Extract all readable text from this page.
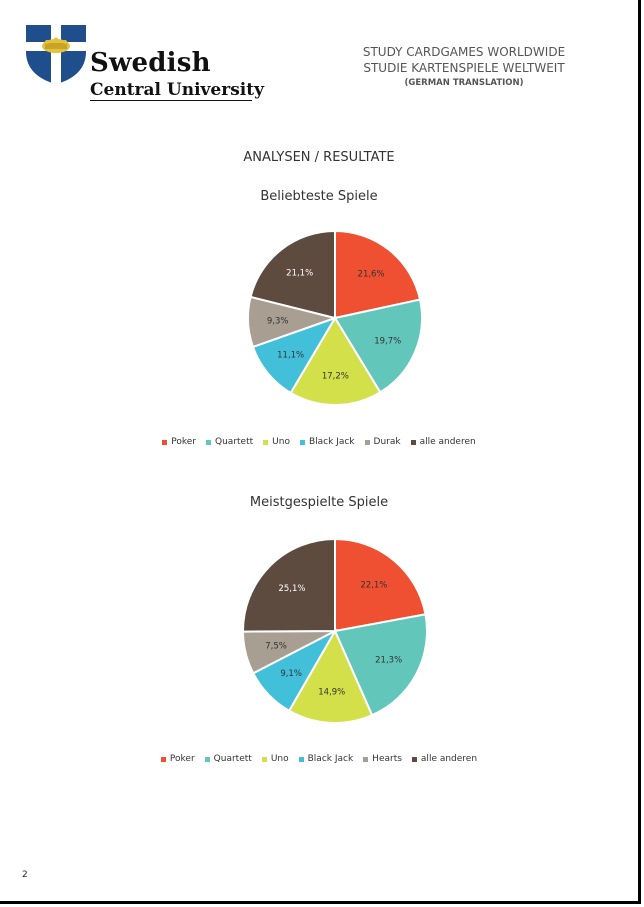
Swedish
Central University
STUDY CARDGAMES WORLDWIDE
STUDIE KARTENSPIELE WELTWEIT
(GERMAN TRANSLATION)
ANALYSEN / RESULTATE
Beliebteste Spiele
21,6%
19,7%
17,2%
11,1%
9,3%
21,1%
Poker Quartett Uno Black Jack Durak alle anderen
Meistgespielte Spiele
22,1%
21,3%
14,9%
9,1%
7,5%
25,1%
Poker Quartett Uno Black Jack Hearts alle anderen
2
